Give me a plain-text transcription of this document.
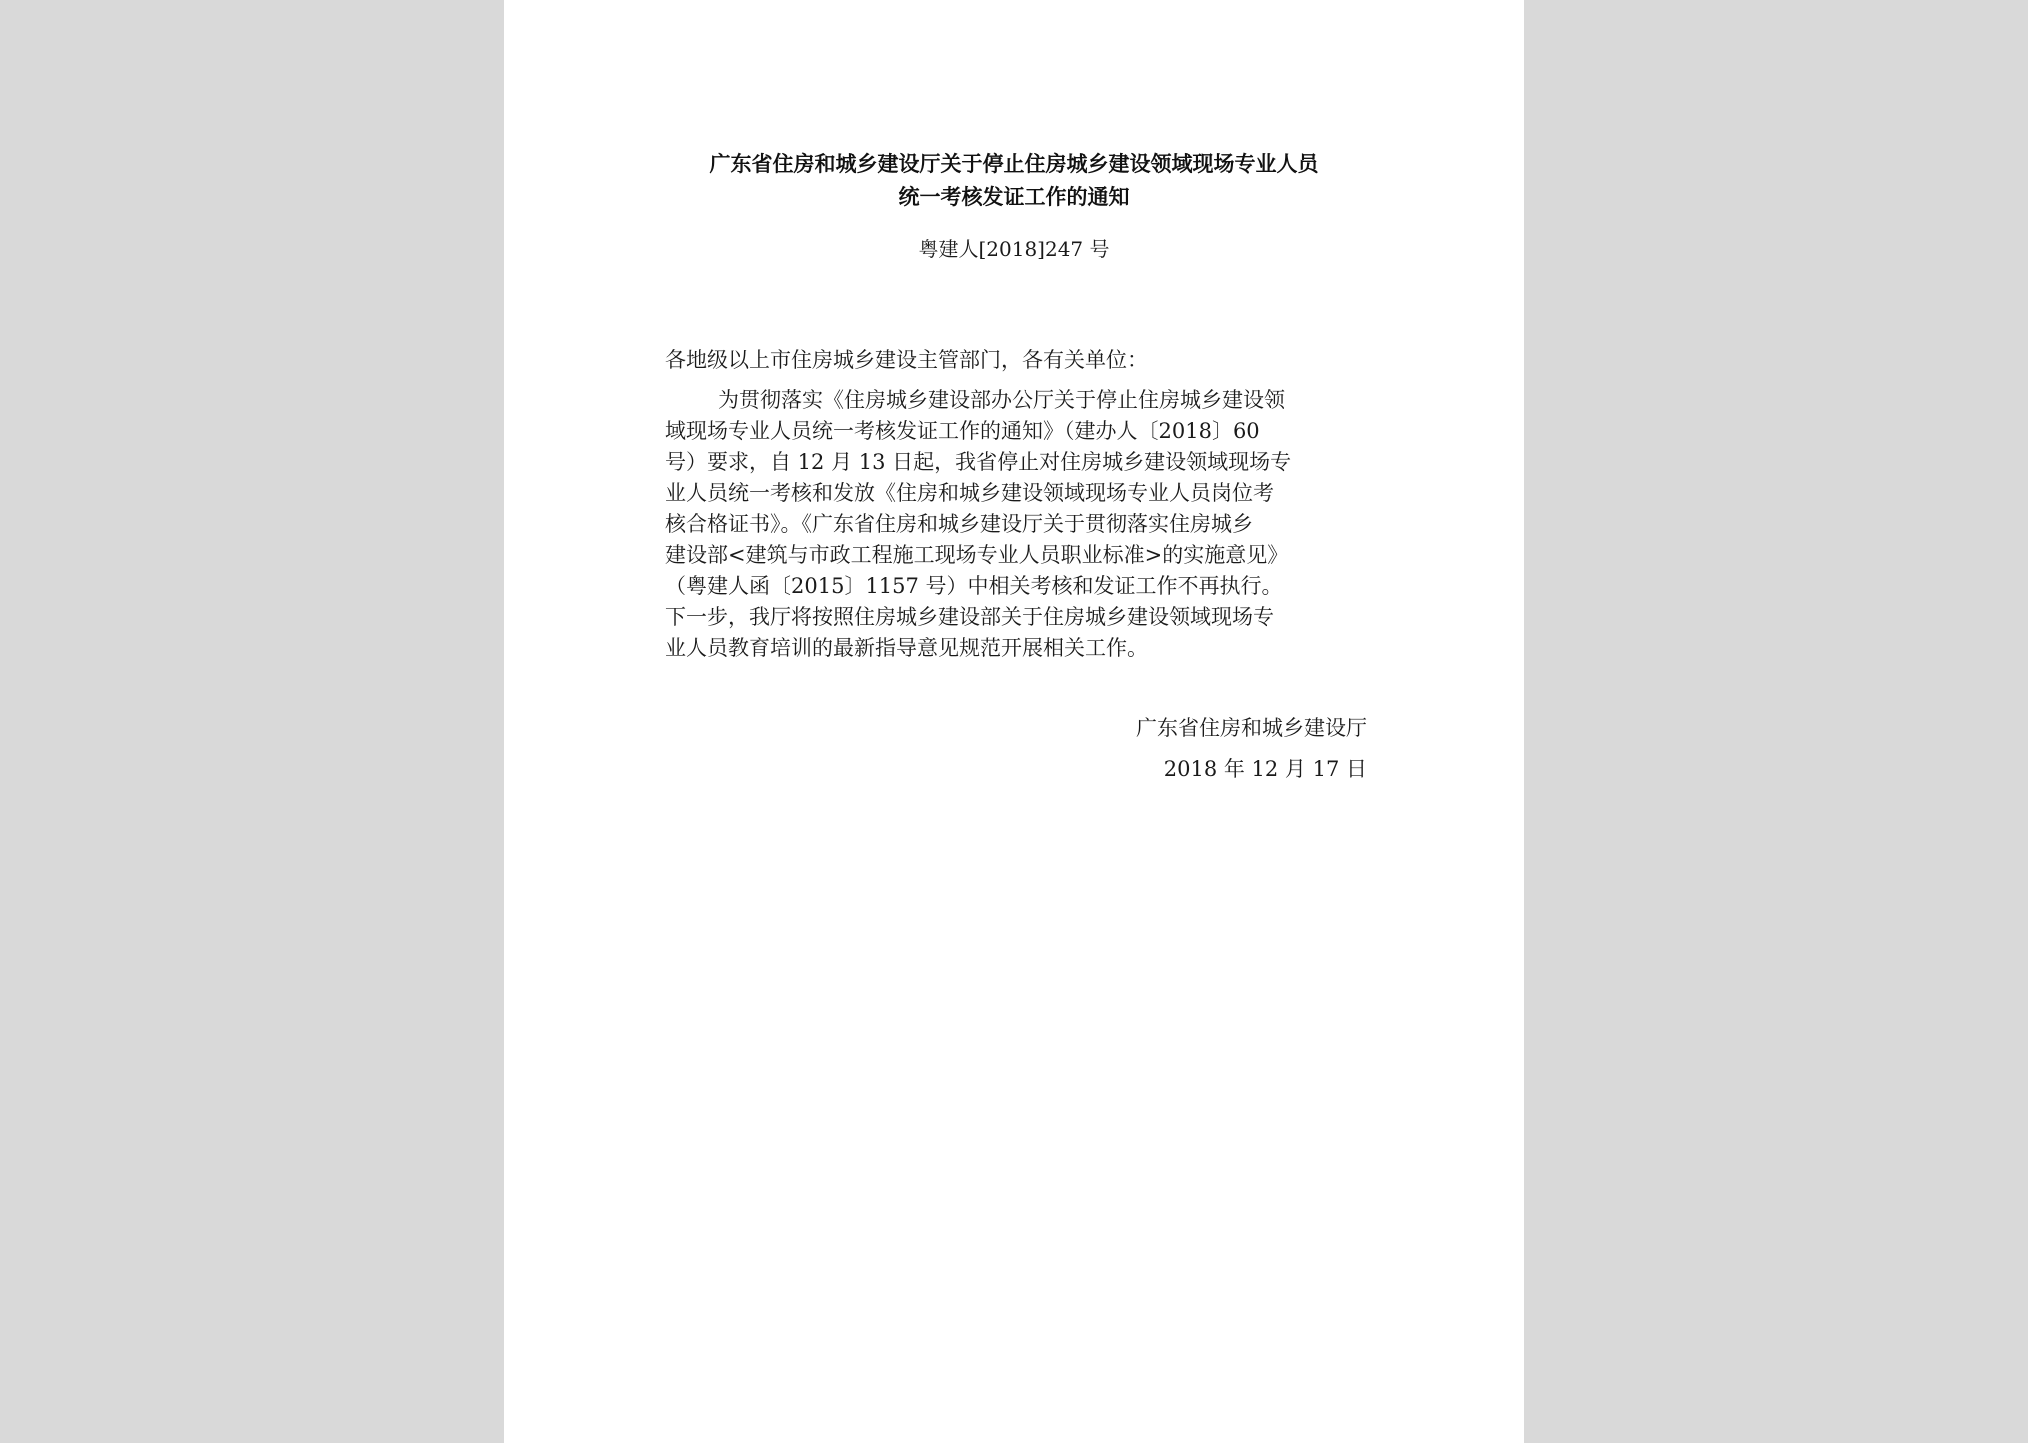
广东省住房和城乡建设厅关于停止住房城乡建设领域现场专业人员
统一考核发证工作的通知

粤建人[2018]247 号

各地级以上市住房城乡建设主管部门，各有关单位：

为贯彻落实《住房城乡建设部办公厅关于停止住房城乡建设领
域现场专业人员统一考核发证工作的通知》（建办人〔2018〕60
号）要求，自 12 月 13 日起，我省停止对住房城乡建设领域现场专
业人员统一考核和发放《住房和城乡建设领域现场专业人员岗位考
核合格证书》。《广东省住房和城乡建设厅关于贯彻落实住房城乡
建设部<建筑与市政工程施工现场专业人员职业标准>的实施意见》
（粤建人函〔2015〕1157 号）中相关考核和发证工作不再执行。
下一步，我厅将按照住房城乡建设部关于住房城乡建设领域现场专
业人员教育培训的最新指导意见规范开展相关工作。

广东省住房和城乡建设厅

2018 年 12 月 17 日
